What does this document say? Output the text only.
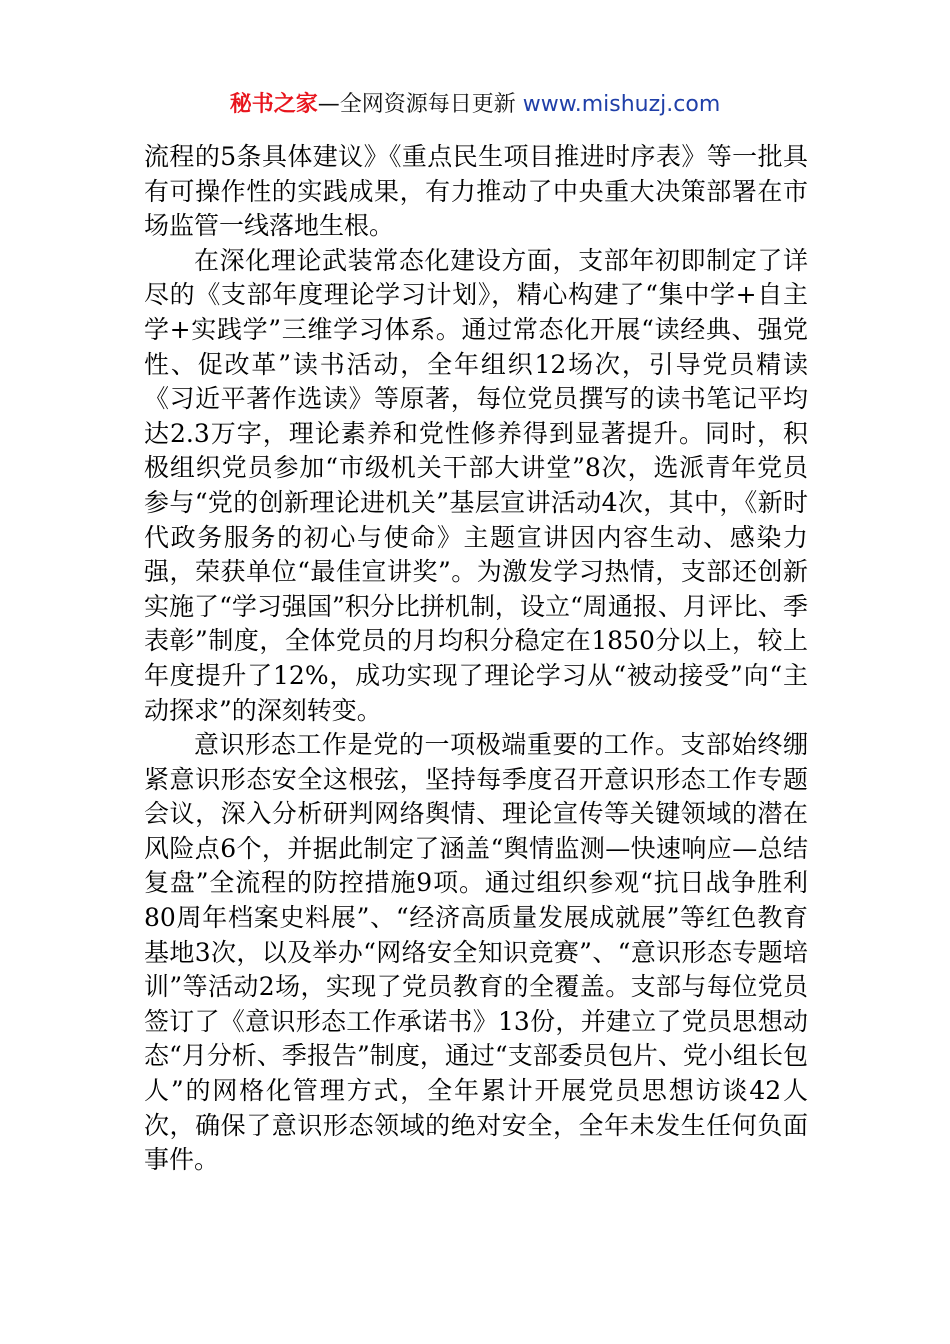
秘书之家—全网资源每日更新 www.mishuzj.com

流程的5条具体建议》《重点民生项目推进时序表》等一批具有可操作性的实践成果，有力推动了中央重大决策部署在市场监管一线落地生根。

在深化理论武装常态化建设方面，支部年初即制定了详尽的《支部年度理论学习计划》，精心构建了“集中学+自主学+实践学”三维学习体系。通过常态化开展“读经典、强党性、促改革”读书活动，全年组织12场次，引导党员精读《习近平著作选读》等原著，每位党员撰写的读书笔记平均达2.3万字，理论素养和党性修养得到显著提升。同时，积极组织党员参加“市级机关干部大讲堂”8次，选派青年党员参与“党的创新理论进机关”基层宣讲活动4次，其中，《新时代政务服务的初心与使命》主题宣讲因内容生动、感染力强，荣获单位“最佳宣讲奖”。为激发学习热情，支部还创新实施了“学习强国”积分比拼机制，设立“周通报、月评比、季表彰”制度，全体党员的月均积分稳定在1850分以上，较上年度提升了12%，成功实现了理论学习从“被动接受”向“主动探求”的深刻转变。

意识形态工作是党的一项极端重要的工作。支部始终绷紧意识形态安全这根弦，坚持每季度召开意识形态工作专题会议，深入分析研判网络舆情、理论宣传等关键领域的潜在风险点6个，并据此制定了涵盖“舆情监测—快速响应—总结复盘”全流程的防控措施9项。通过组织参观“抗日战争胜利80周年档案史料展”、“经济高质量发展成就展”等红色教育基地3次，以及举办“网络安全知识竞赛”、“意识形态专题培训”等活动2场，实现了党员教育的全覆盖。支部与每位党员签订了《意识形态工作承诺书》13份，并建立了党员思想动态“月分析、季报告”制度，通过“支部委员包片、党小组长包人”的网格化管理方式，全年累计开展党员思想访谈42人次，确保了意识形态领域的绝对安全，全年未发生任何负面事件。
